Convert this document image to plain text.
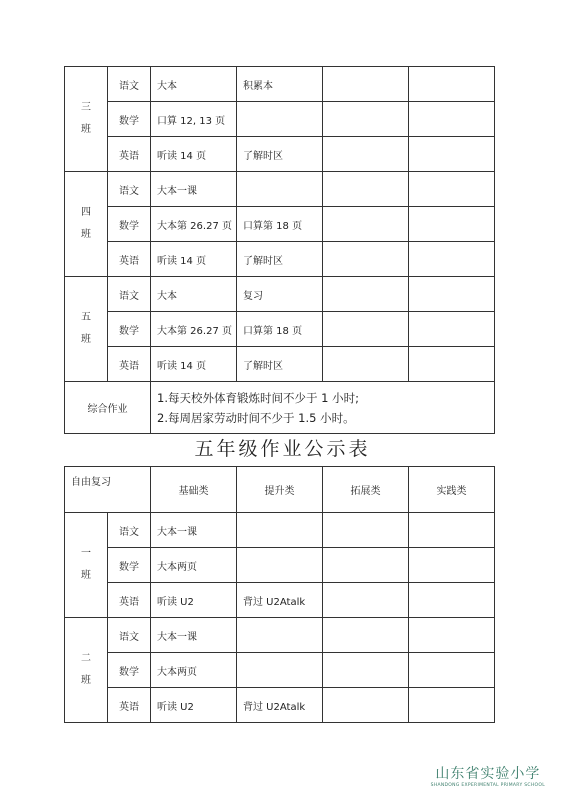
三
班	语文	大本	积累本		
	数学	口算 12, 13 页			
	英语	听读 14 页	了解时区		
四
班	语文	大本一课			
	数学	大本第 26.27 页	口算第 18 页		
	英语	听读 14 页	了解时区		
五
班	语文	大本	复习		
	数学	大本第 26.27 页	口算第 18 页		
	英语	听读 14 页	了解时区		
综合作业		1.每天校外体育锻炼时间不少于 1 小时;
2.每周居家劳动时间不少于 1.5 小时。			
五年级作业公示表
自由复习		基础类	提升类	拓展类	实践类
一
班	语文	大本一课			
	数学	大本两页			
	英语	听读 U2	背过 U2Atalk		
二
班	语文	大本一课			
	数学	大本两页			
	英语	听读 U2	背过 U2Atalk		
山东省实验小学
SHANDONG EXPERIMENTAL PRIMARY SCHOOL
